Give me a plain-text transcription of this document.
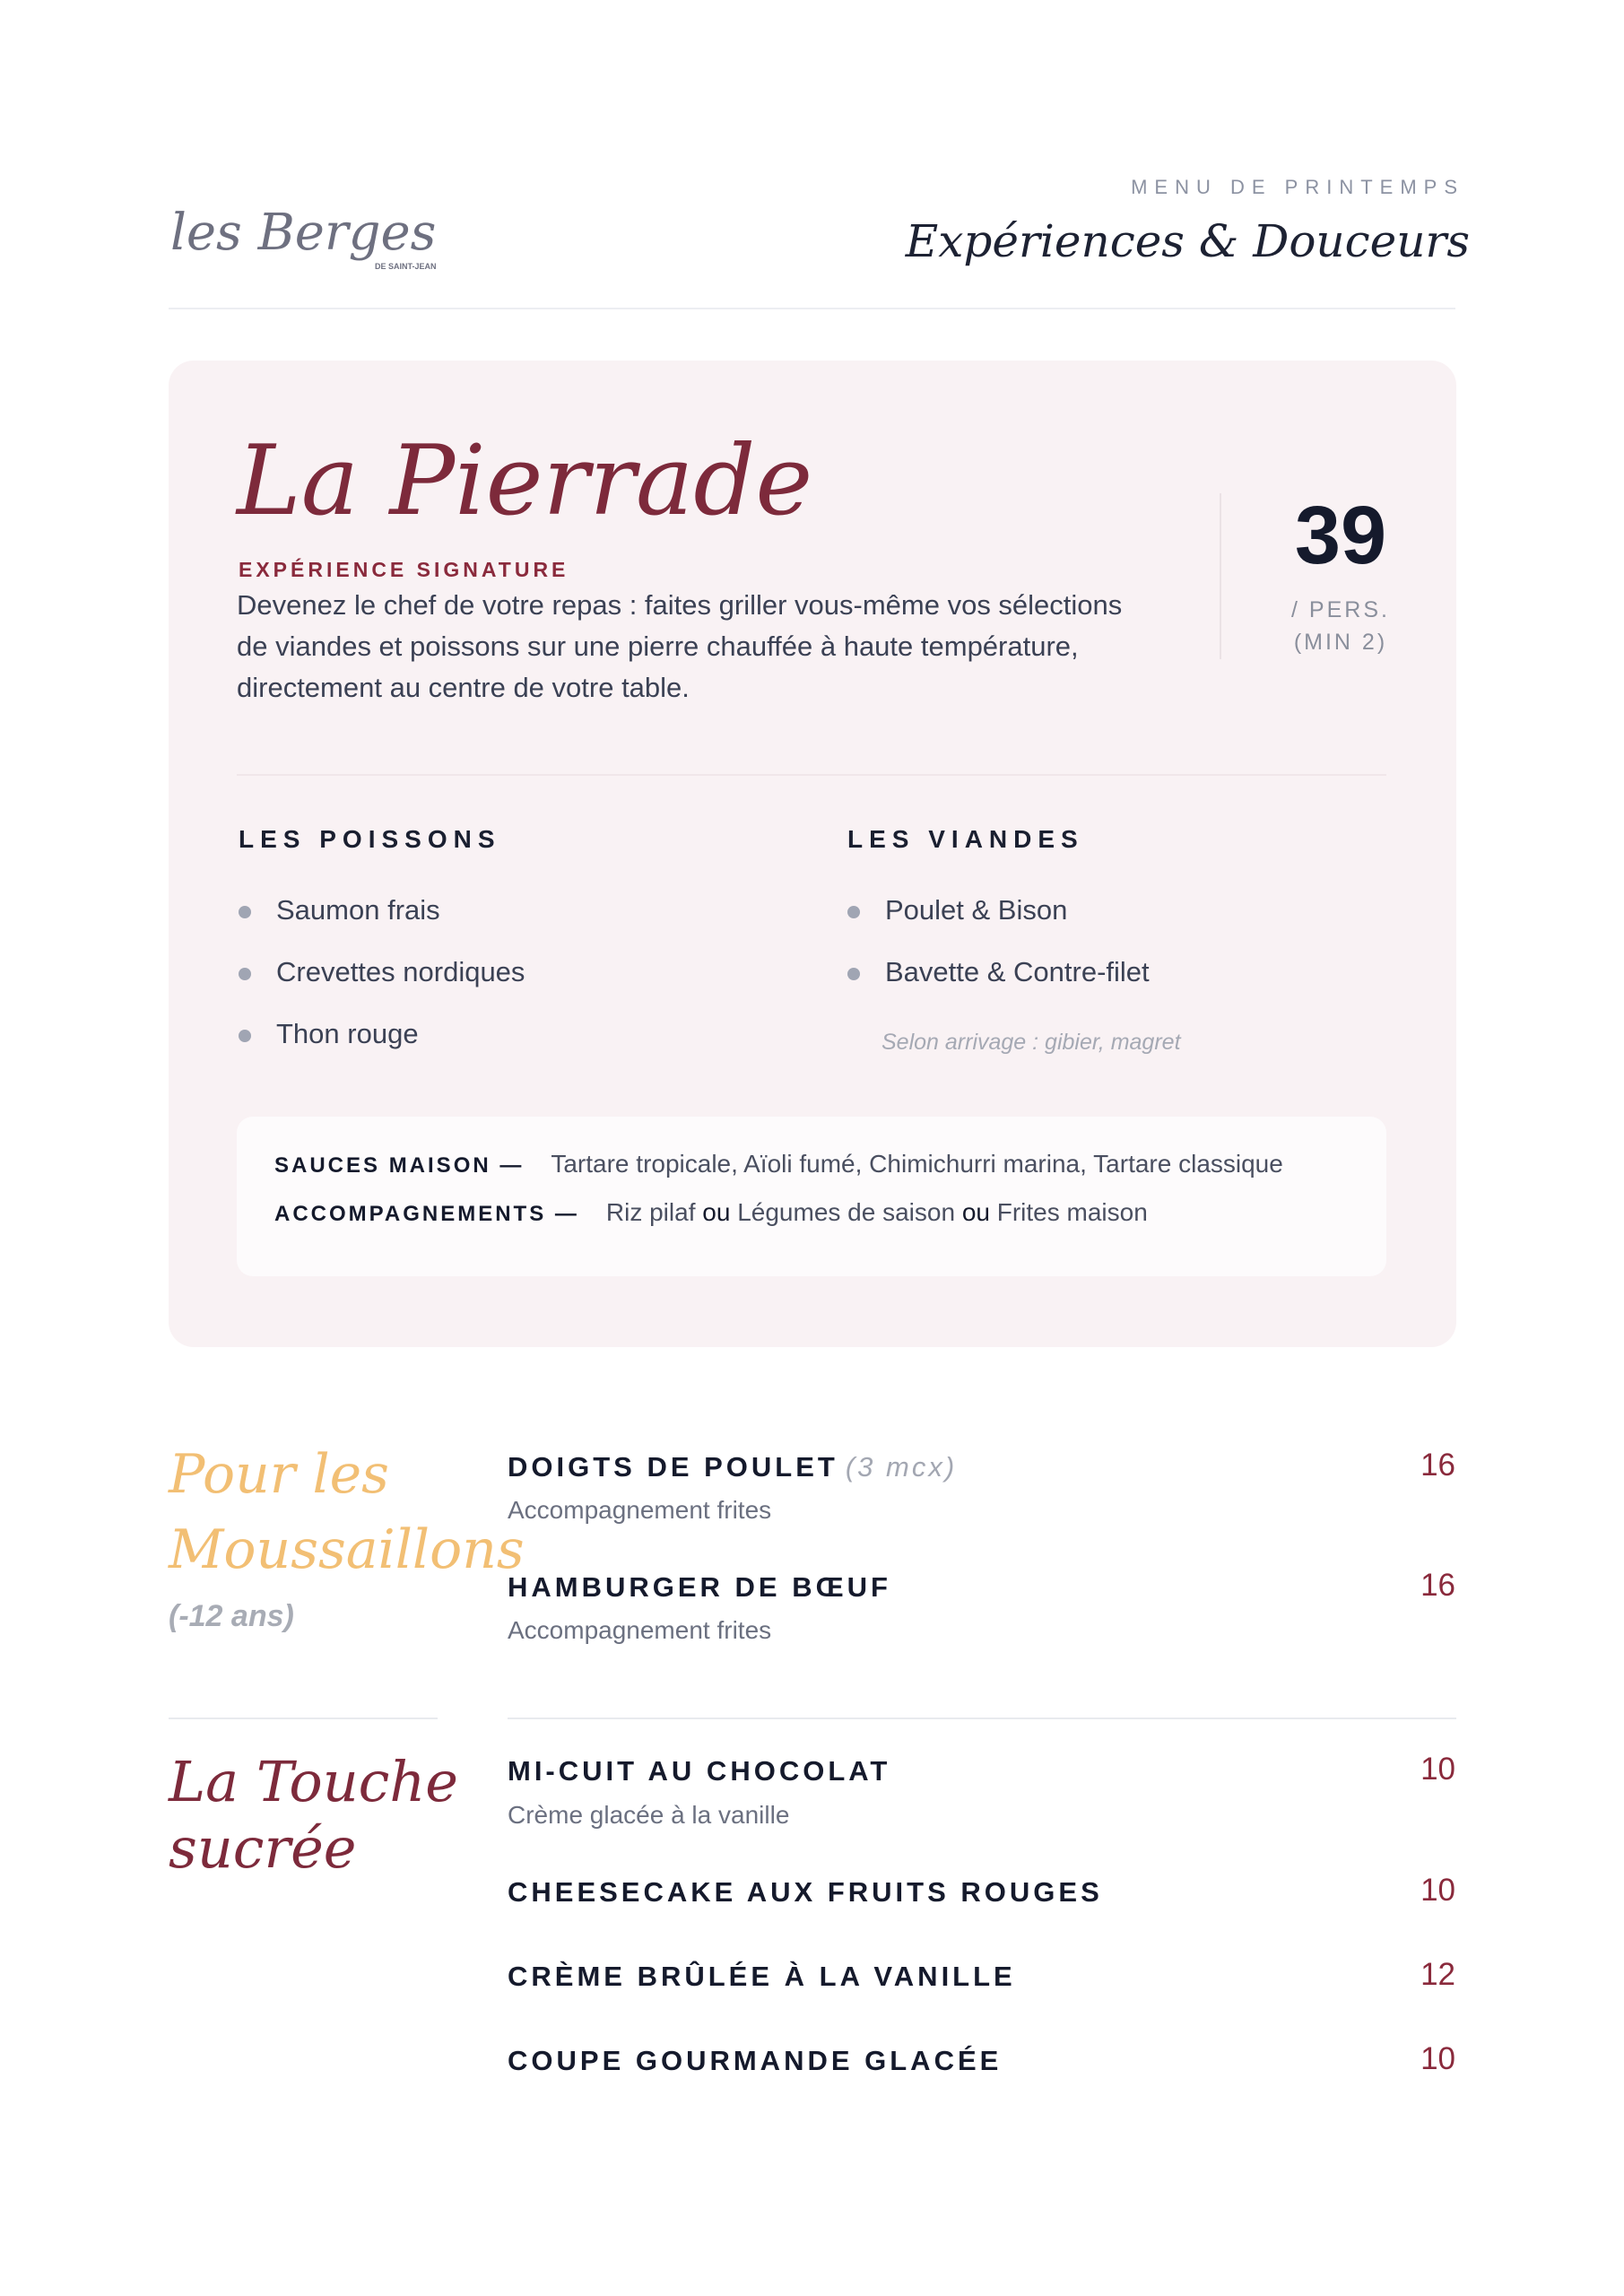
les Berges
DE SAINT-JEAN
MENU DE PRINTEMPS
Expériences & Douceurs
La Pierrade
EXPÉRIENCE SIGNATURE
Devenez le chef de votre repas : faites griller vous-même vos sélections
de viandes et poissons sur une pierre chauffée à haute température,
directement au centre de votre table.
39
/ PERS.
(MIN 2)
LES POISSONS
Saumon frais
Crevettes nordiques
Thon rouge
LES VIANDES
Poulet & Bison
Bavette & Contre-filet
Selon arrivage : gibier, magret
SAUCES MAISON — Tartare tropicale, Aïoli fumé, Chimichurri marina, Tartare classique
ACCOMPAGNEMENTS — Riz pilaf ou Légumes de saison ou Frites maison
Pour les
Moussaillons
(-12 ans)
DOIGTS DE POULET (3 mcx)
Accompagnement frites
16
HAMBURGER DE BŒUF
Accompagnement frites
16
La Touche
sucrée
MI-CUIT AU CHOCOLAT
Crème glacée à la vanille
10
CHEESECAKE AUX FRUITS ROUGES	10
CRÈME BRÛLÉE À LA VANILLE	12
COUPE GOURMANDE GLACÉE	10
